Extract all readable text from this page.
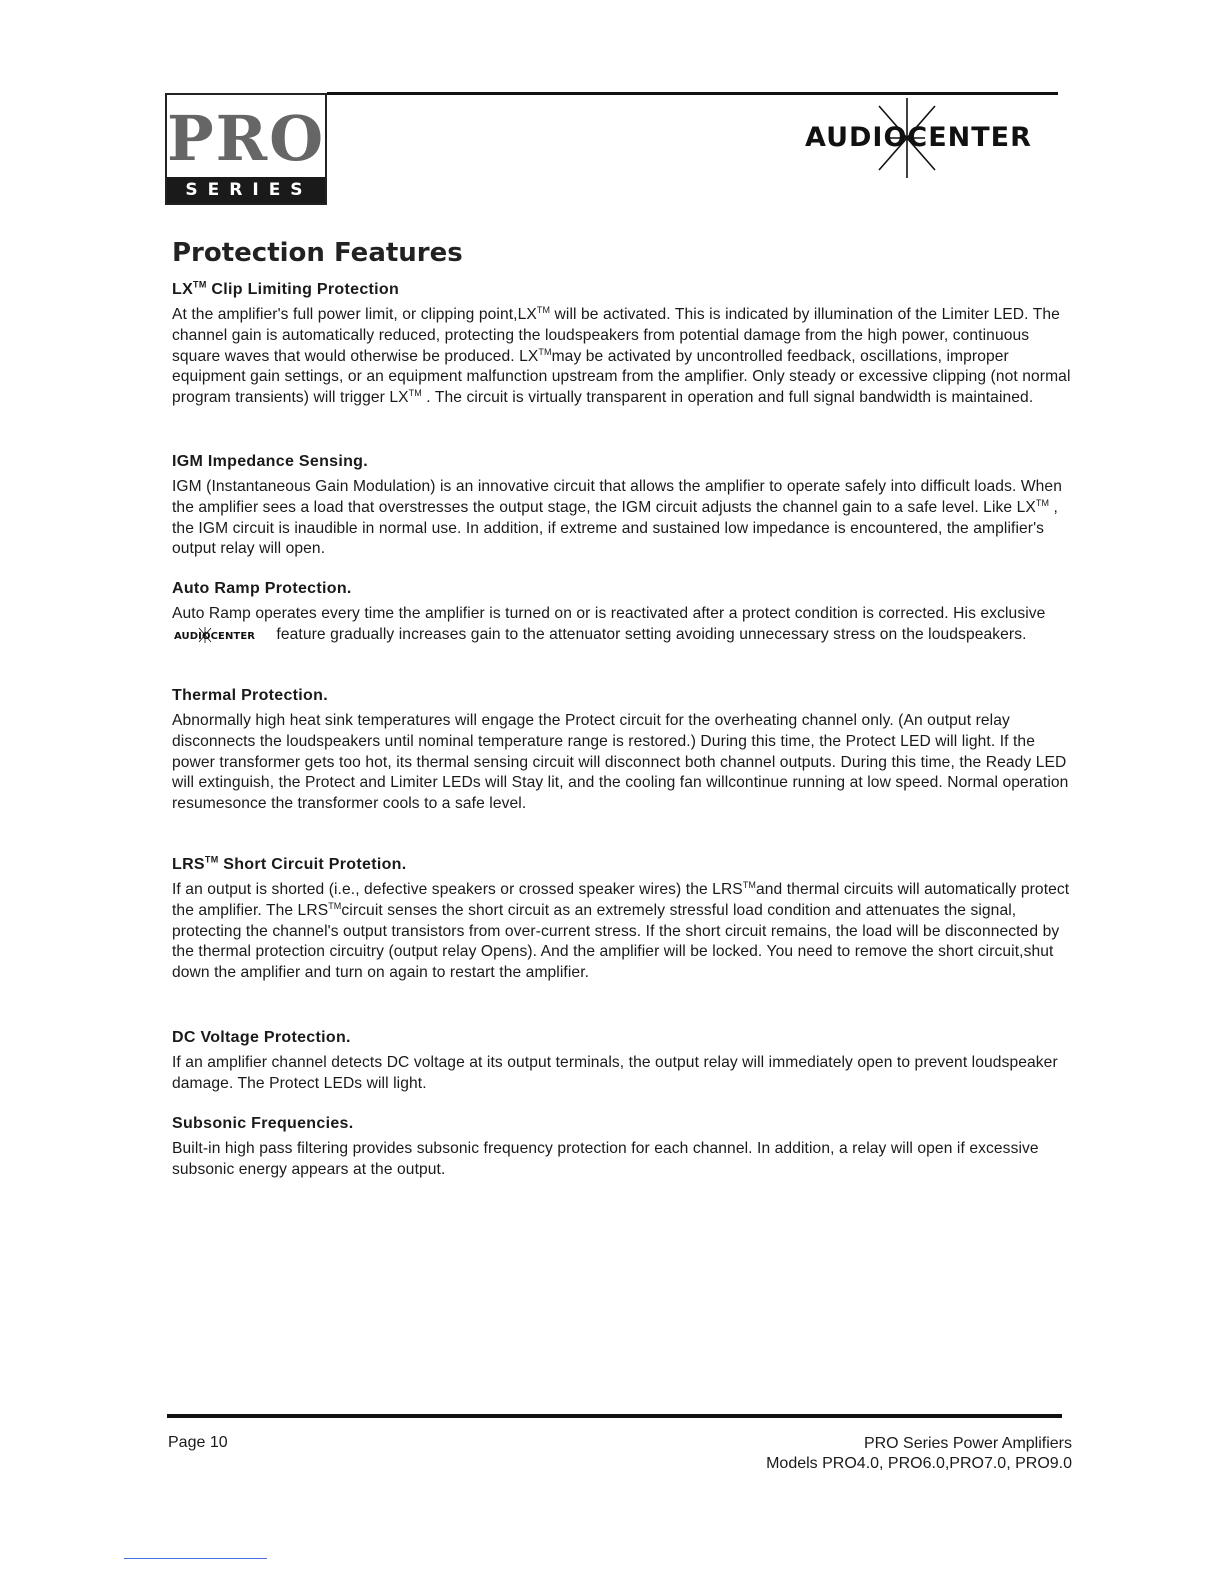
PRO
SERIES
AUDIOCENTER
Protection Features

LX™ Clip Limiting Protection

At the amplifier's full power limit, or clipping point,LX™ will be activated. This is indicated by illumination of the Limiter LED. The channel gain is automatically reduced, protecting the loudspeakers from potential damage from the high power, continuous square waves that would otherwise be produced. LX™may be activated by uncontrolled feedback, oscillations, improper equipment gain settings, or an equipment malfunction upstream from the amplifier. Only steady or excessive clipping (not normal program transients) will trigger LX™ . The circuit is virtually transparent in operation and full signal bandwidth is maintained.

IGM Impedance Sensing.

IGM (Instantaneous Gain Modulation) is an innovative circuit that allows the amplifier to operate safely into difficult loads. When the amplifier sees a load that overstresses the output stage, the IGM circuit adjusts the channel gain to a safe level. Like LX™ , the IGM circuit is inaudible in normal use. In addition, if extreme and sustained low impedance is encountered, the amplifier's output relay will open.

Auto Ramp Protection.

Auto Ramp operates every time the amplifier is turned on or is reactivated after a protect condition is corrected. His exclusive
AUDIOCENTER feature gradually increases gain to the attenuator setting avoiding unnecessary stress on the loudspeakers.

Thermal Protection.

Abnormally high heat sink temperatures will engage the Protect circuit for the overheating channel only. (An output relay disconnects the loudspeakers until nominal temperature range is restored.) During this time, the Protect LED will light. If the power transformer gets too hot, its thermal sensing circuit will disconnect both channel outputs. During this time, the Ready LED will extinguish, the Protect and Limiter LEDs will Stay lit, and the cooling fan willcontinue running at low speed. Normal operation resumesonce the transformer cools to a safe level.

LRS™ Short Circuit Protetion.

If an output is shorted (i.e., defective speakers or crossed speaker wires) the LRS™and thermal circuits will automatically protect the amplifier. The LRS™circuit senses the short circuit as an extremely stressful load condition and attenuates the signal, protecting the channel's output transistors from over-current stress. If the short circuit remains, the load will be disconnected by the thermal protection circuitry (output relay Opens). And the amplifier will be locked. You need to remove the short circuit,shut down the amplifier and turn on again to restart the amplifier.

DC Voltage Protection.

If an amplifier channel detects DC voltage at its output terminals, the output relay will immediately open to prevent loudspeaker damage. The Protect LEDs will light.

Subsonic Frequencies.

Built-in high pass filtering provides subsonic frequency protection for each channel. In addition, a relay will open if excessive subsonic energy appears at the output.

Page 10	PRO Series Power Amplifiers
Models PRO4.0, PRO6.0,PRO7.0, PRO9.0
